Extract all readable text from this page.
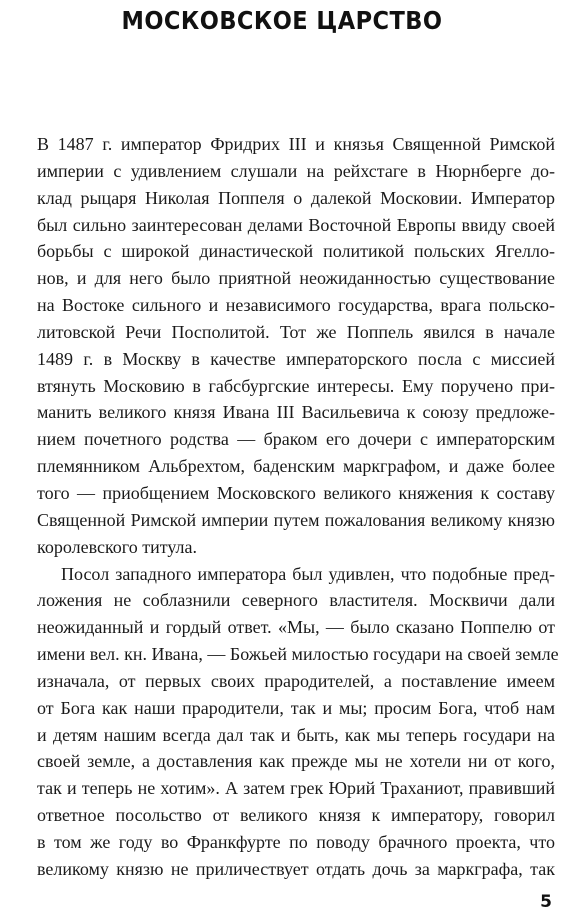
МОСКОВСКОЕ ЦАРСТВО
В 1487 г. император Фридрих III и князья Священной Римской
империи с удивлением слушали на рейхстаге в Нюрнберге до-
клад рыцаря Николая Поппеля о далекой Московии. Император
был сильно заинтересован делами Восточной Европы ввиду своей
борьбы с широкой династической политикой польских Ягелло-
нов, и для него было приятной неожиданностью существование
на Востоке сильного и независимого государства, врага польско-
литовской Речи Посполитой. Тот же Поппель явился в начале
1489 г. в Москву в качестве императорского посла с миссией
втянуть Московию в габсбургские интересы. Ему поручено при-
манить великого князя Ивана III Васильевича к союзу предложе-
нием почетного родства — браком его дочери с императорским
племянником Альбрехтом, баденским маркграфом, и даже более
того — приобщением Московского великого княжения к составу
Священной Римской империи путем пожалования великому князю
королевского титула.
Посол западного императора был удивлен, что подобные пред-
ложения не соблазнили северного властителя. Москвичи дали
неожиданный и гордый ответ. «Мы, — было сказано Поппелю от
имени вел. кн. Ивана, — Божьей милостью государи на своей земле
изначала, от первых своих прародителей, а поставление имеем
от Бога как наши прародители, так и мы; просим Бога, чтоб нам
и детям нашим всегда дал так и быть, как мы теперь государи на
своей земле, а доставления как прежде мы не хотели ни от кого,
так и теперь не хотим». А затем грек Юрий Траханиот, правивший
ответное посольство от великого князя к императору, говорил
в том же году во Франкфурте по поводу брачного проекта, что
великому князю не приличествует отдать дочь за маркграфа, так
5
